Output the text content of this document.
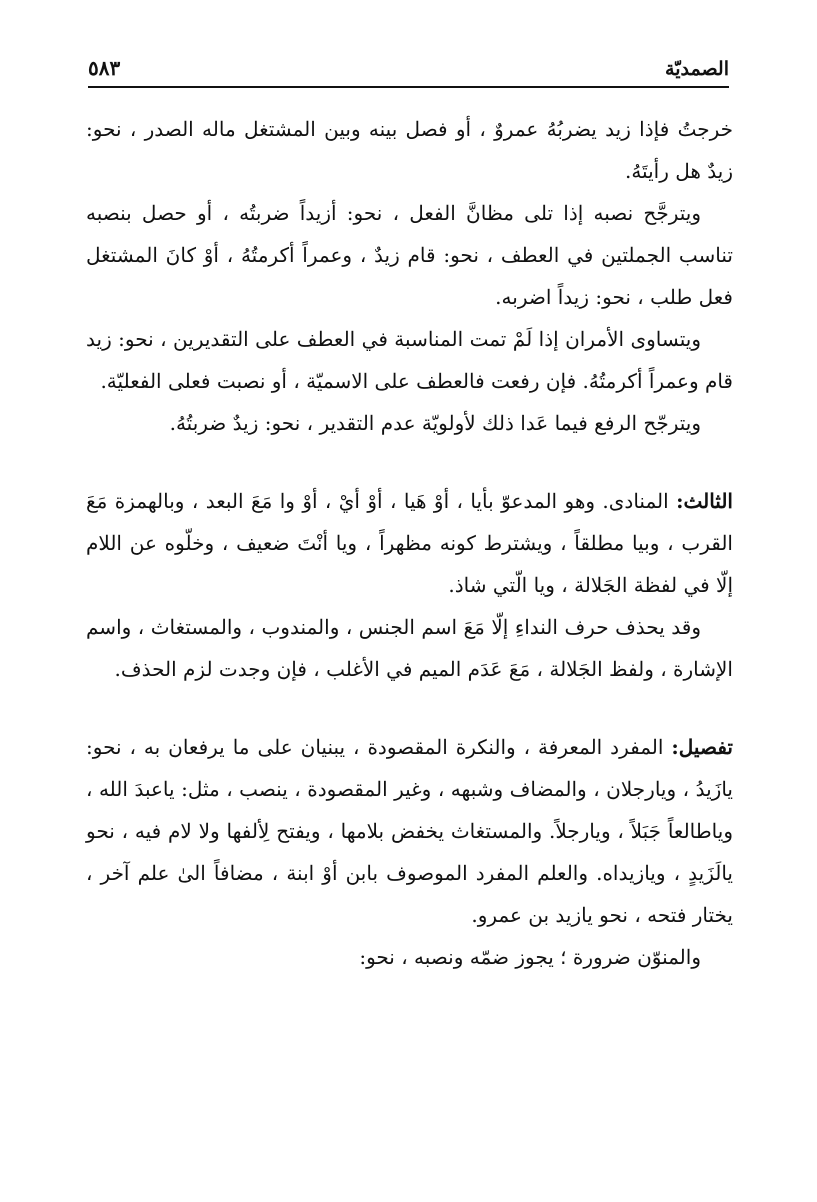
الصمديّة
٥٨٣

خرجتُ فإذا زيد يضربُهُ عمروٌ ، أو فصل بينه وبين المشتغل ماله الصدر ، نحو: زيدٌ هل رأيتَهُ.

ويترجَّح نصبه إذا تلى مظانَّ الفعل ، نحو: أزيداً ضربتُه ، أو حصل بنصبه تناسب الجملتين في العطف ، نحو: قام زيدٌ ، وعمراً أكرمتُهُ ، أوْ كانَ المشتغل فعل طلب ، نحو: زيداً اضربه.

ويتساوى الأمران إذا لَمْ تمت المناسبة في العطف على التقديرين ، نحو: زيد قام وعمراً أكرمتُهُ. فإن رفعت فالعطف على الاسميّة ، أو نصبت فعلى الفعليّة.

ويترجّح الرفع فيما عَدا ذلك لأولويّة عدم التقدير ، نحو: زيدٌ ضربتُهُ.

الثالث: المنادى. وهو المدعوّ بأيا ، أوْ هَيا ، أوْ أيْ ، أوْ وا مَعَ البعد ، وبالهمزة مَعَ القرب ، وبيا مطلقاً ، ويشترط كونه مظهراً ، ويا أنْتَ ضعيف ، وخلّوه عن اللام إلّا في لفظة الجَلالة ، ويا الّتي شاذ.

وقد يحذف حرف النداءِ إلّا مَعَ اسم الجنس ، والمندوب ، والمستغاث ، واسم الإشارة ، ولفظ الجَلالة ، مَعَ عَدَم الميم في الأغلب ، فإن وجدت لزم الحذف.

تفصيل: المفرد المعرفة ، والنكرة المقصودة ، يبنيان على ما يرفعان به ، نحو: يازَيدُ ، ويارجلان ، والمضاف وشبهه ، وغير المقصودة ، ينصب ، مثل: ياعبدَ الله ، وياطالعاً جَبَلاً ، ويارجلاً. والمستغاث يخفض بلامها ، ويفتح لِألفها ولا لام فيه ، نحو يالَزَيدٍ ، ويازيداه. والعلم المفرد الموصوف بابن أوْ ابنة ، مضافاً الىٰ علم آخر ، يختار فتحه ، نحو يازيد بن عمرو.

والمنوّن ضرورة ؛ يجوز ضمّه ونصبه ، نحو:
